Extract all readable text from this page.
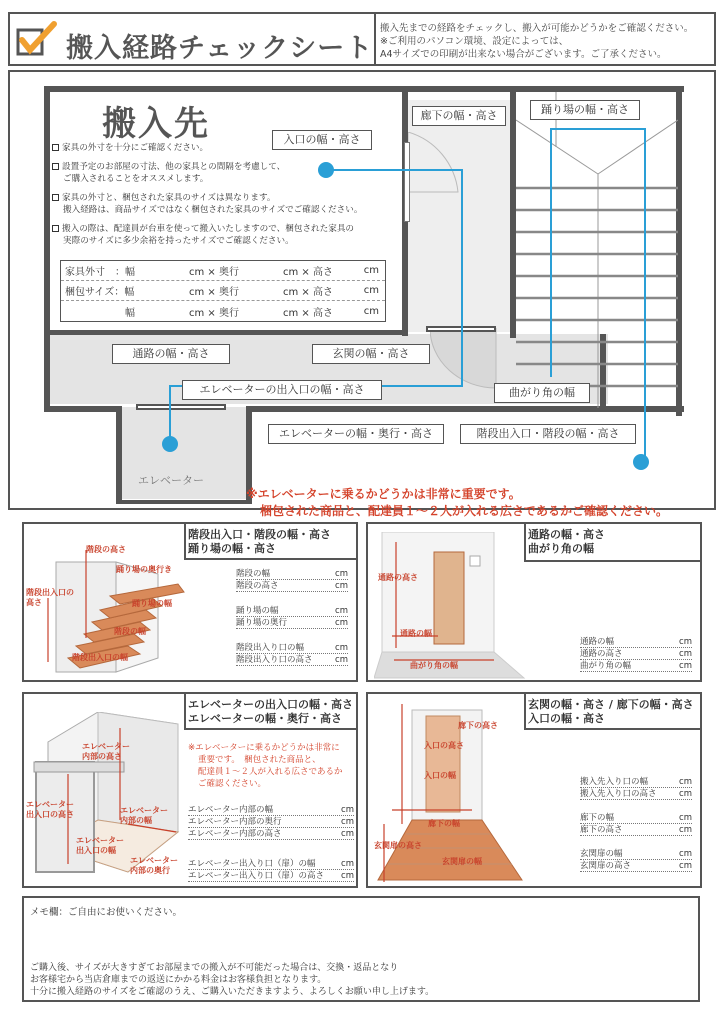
搬入経路チェックシート
搬入先までの経路をチェックし、搬入が可能かどうかをご確認ください。
※ご利用のパソコン環境、設定によっては、
A4サイズでの印刷が出来ない場合がございます。ご了承ください。
搬入先
家具の外寸を十分にご確認ください。
設置予定のお部屋の寸法、他の家具との間隔を考慮して、
ご購入されることをオススメします。
家具の外寸と、梱包された家具のサイズは異なります。
搬入経路は、商品サイズではなく梱包された家具のサイズでご確認ください。
搬入の際は、配達員が台車を使って搬入いたしますので、梱包された家具の
実際のサイズに多少余裕を持ったサイズでご確認ください。
家具外寸　：幅	cm × 奥行	cm × 高さ	cm
梱包サイズ：幅	cm × 奥行	cm × 高さ	cm
　　　　　　幅	cm × 奥行	cm × 高さ	cm
入口の幅・高さ
廊下の幅・高さ	踊り場の幅・高さ
通路の幅・高さ	玄関の幅・高さ
エレベーターの出入口の幅・高さ	曲がり角の幅
エレベーターの幅・奥行・高さ	階段出入口・階段の幅・高さ
エレベーター
※エレベーターに乗るかどうかは非常に重要です。
梱包された商品と、配達員１〜２人が入れる広さであるかご確認ください。
階段出入口・階段の幅・高さ
踊り場の幅・高さ
階段の高さ
踊り場の奥行き
階段出入口の高さ	踊り場の幅
階段の幅
階段出入口の幅
階段の幅	cm
階段の高さ	cm
踊り場の幅	cm
踊り場の奥行	cm
階段出入り口の幅	cm
階段出入り口の高さ	cm
通路の幅・高さ
曲がり角の幅
通路の高さ
通路の幅
曲がり角の幅
通路の幅	cm
通路の高さ	cm
曲がり角の幅	cm
エレベーターの出入口の幅・高さ
エレベーターの幅・奥行・高さ
エレベーター内部の高さ
エレベーター出入口の高さ	エレベーター内部の幅
エレベーター出入口の幅
エレベーター内部の奥行
※エレベーターに乗るかどうかは非常に
重要です。　梱包された商品と、
配達員１〜２人が入れる広さであるか
ご確認ください。
エレベーター内部の幅	cm
エレベーター内部の奥行	cm
エレベーター内部の高さ	cm
エレベーター出入り口（扉）の幅	cm
エレベーター出入り口（扉）の高さ cm
玄関の幅・高さ / 廊下の幅・高さ
入口の幅・高さ
廊下の高さ
入口の高さ
入口の幅
廊下の幅
玄関扉の高さ
玄関扉の幅
搬入先入り口の幅	cm
搬入先入り口の高さ	cm
廊下の幅	cm
廊下の高さ	cm
玄関扉の幅	cm
玄関扉の高さ	cm
メモ欄：ご自由にお使いください。
ご購入後、サイズが大きすぎてお部屋までの搬入が不可能だった場合は、交換・返品となり
お客様宅から当店倉庫までの返送にかかる料金はお客様負担となります。
十分に搬入経路のサイズをご確認のうえ、ご購入いただきますよう、よろしくお願い申し上げます。
